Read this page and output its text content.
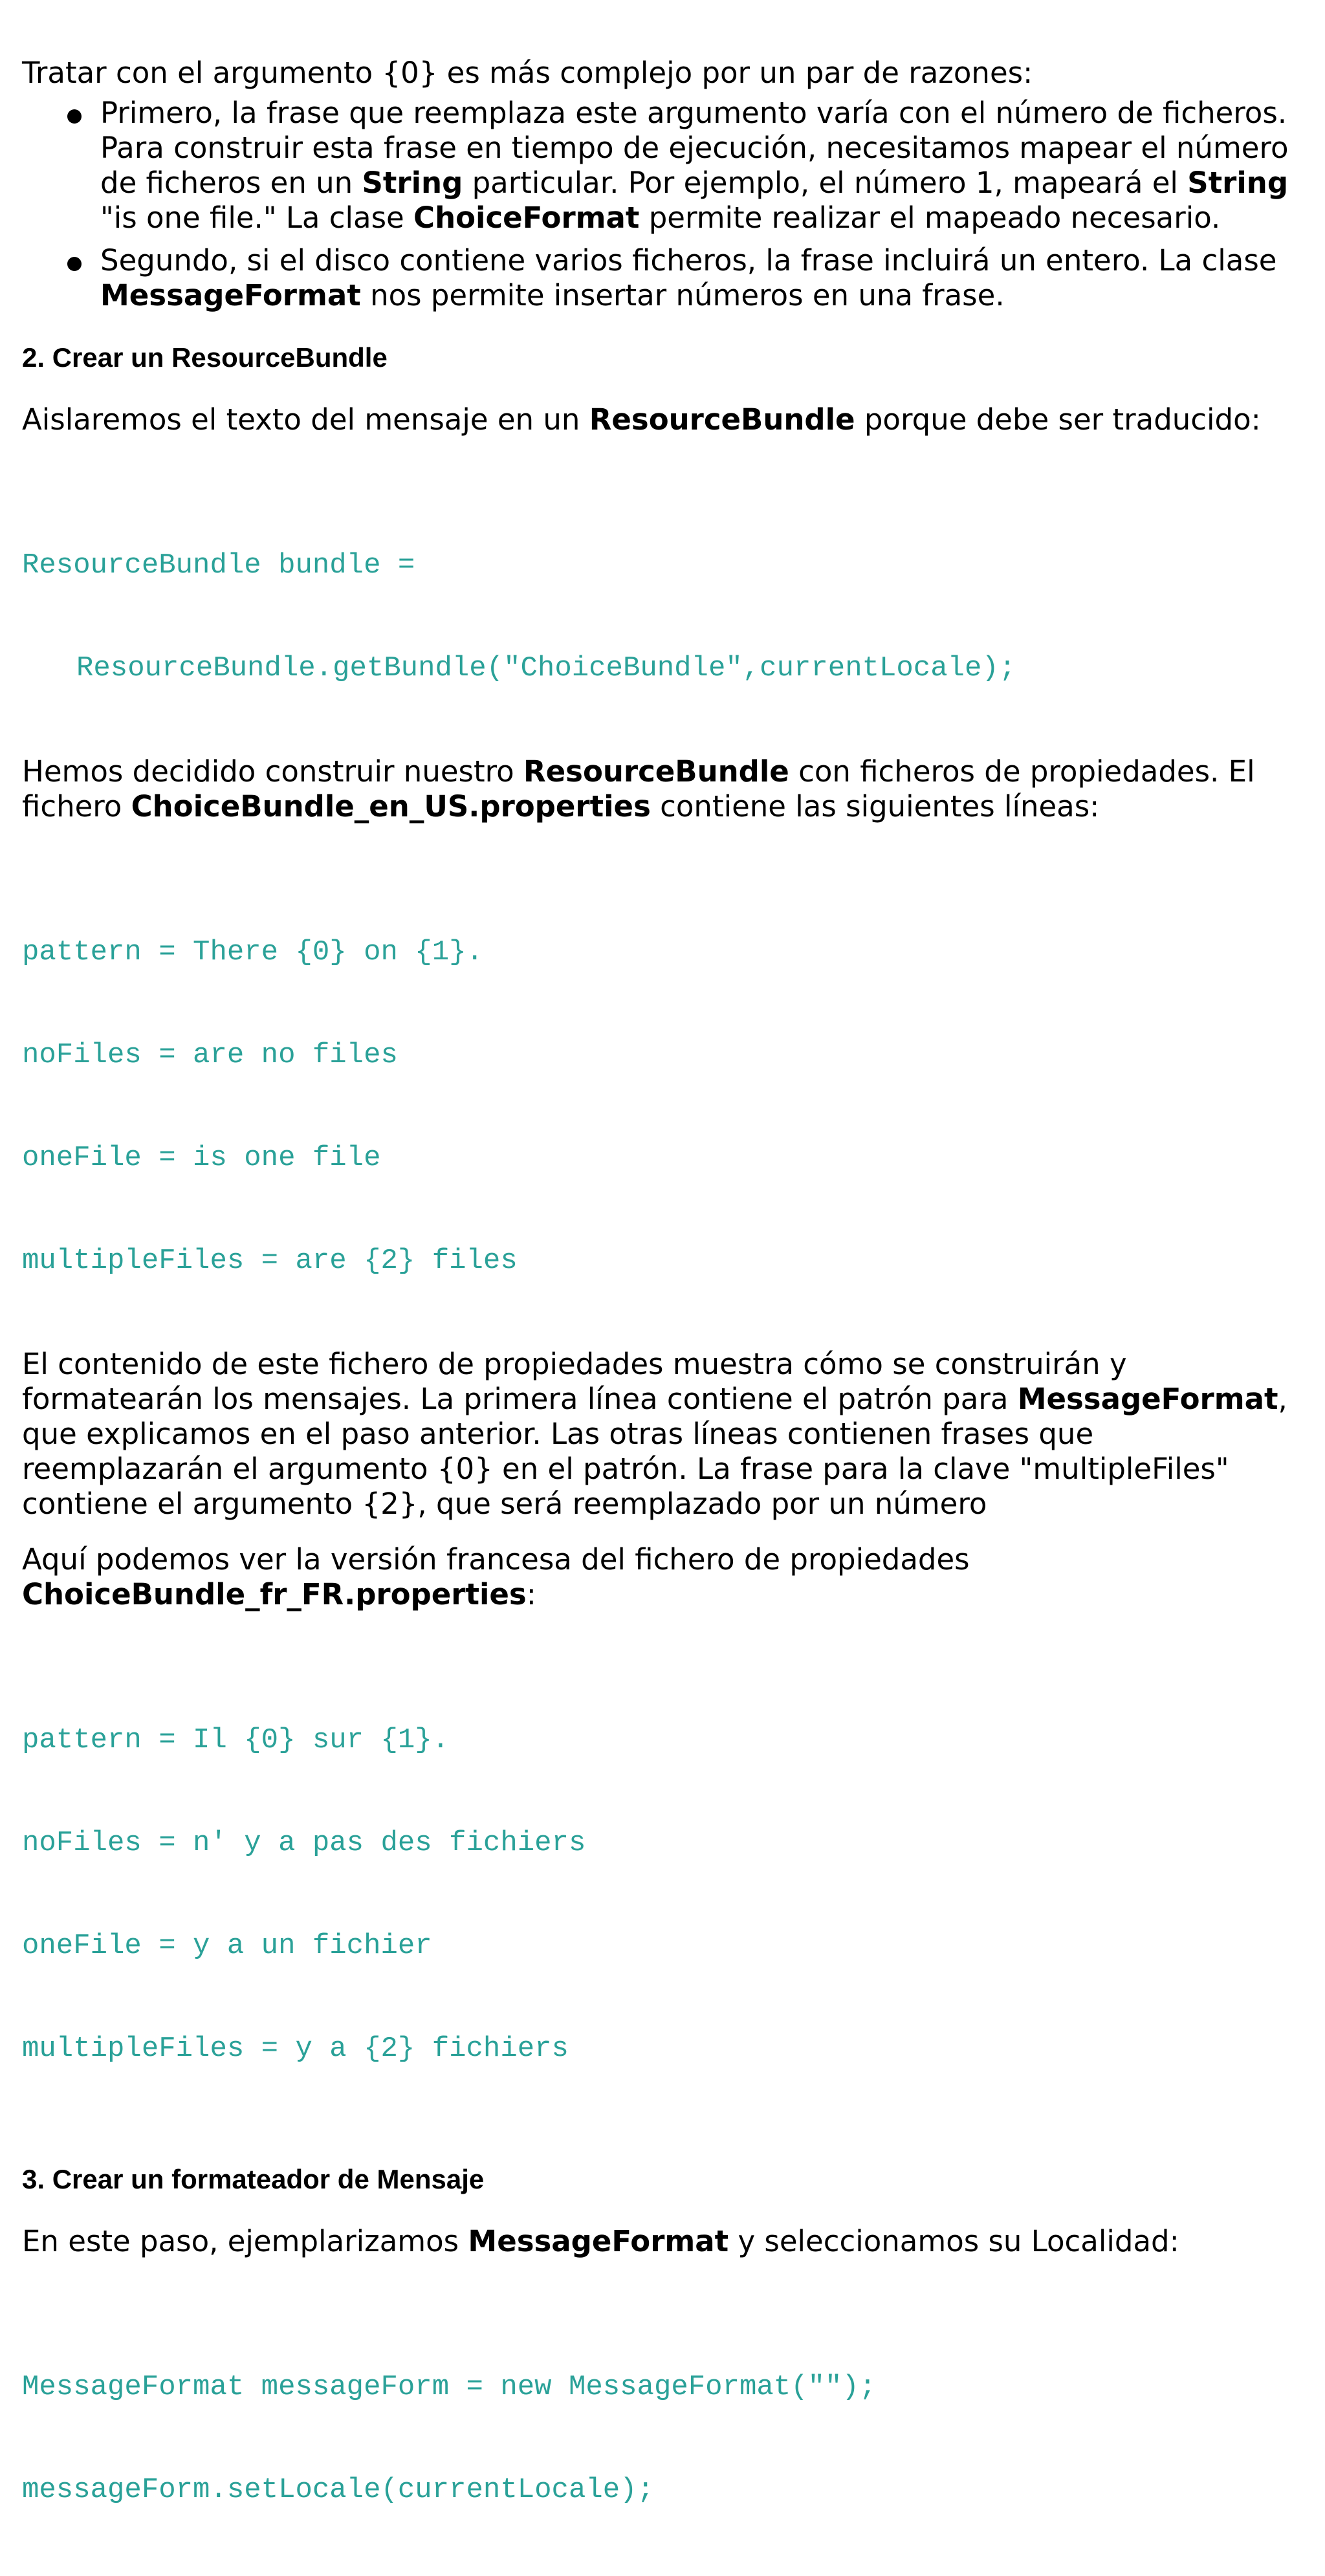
Tratar con el argumento {0} es más complejo por un par de razones:

Primero, la frase que reemplaza este argumento varía con el número de ficheros. Para construir esta frase en tiempo de ejecución, necesitamos mapear el número de ficheros en un String particular. Por ejemplo, el número 1, mapeará el String "is one file." La clase ChoiceFormat permite realizar el mapeado necesario.
Segundo, si el disco contiene varios ficheros, la frase incluirá un entero. La clase MessageFormat nos permite insertar números en una frase.
2. Crear un ResourceBundle

Aislaremos el texto del mensaje en un ResourceBundle porque debe ser traducido:

ResourceBundle bundle =

ResourceBundle.getBundle("ChoiceBundle",currentLocale);

Hemos decidido construir nuestro ResourceBundle con ficheros de propiedades. El fichero ChoiceBundle_en_US.properties contiene las siguientes líneas:

pattern = There {0} on {1}.

noFiles = are no files

oneFile = is one file

multipleFiles = are {2} files

El contenido de este fichero de propiedades muestra cómo se construirán y formatearán los mensajes. La primera línea contiene el patrón para MessageFormat, que explicamos en el paso anterior. Las otras líneas contienen frases que reemplazarán el argumento {0} en el patrón. La frase para la clave "multipleFiles" contiene el argumento {2}, que será reemplazado por un número

Aquí podemos ver la versión francesa del fichero de propiedades ChoiceBundle_fr_FR.properties:

pattern = Il {0} sur {1}.

noFiles = n' y a pas des fichiers

oneFile = y a un fichier

multipleFiles = y a {2} fichiers

3. Crear un formateador de Mensaje

En este paso, ejemplarizamos MessageFormat y seleccionamos su Localidad:

MessageFormat messageForm = new MessageFormat("");

messageForm.setLocale(currentLocale);
